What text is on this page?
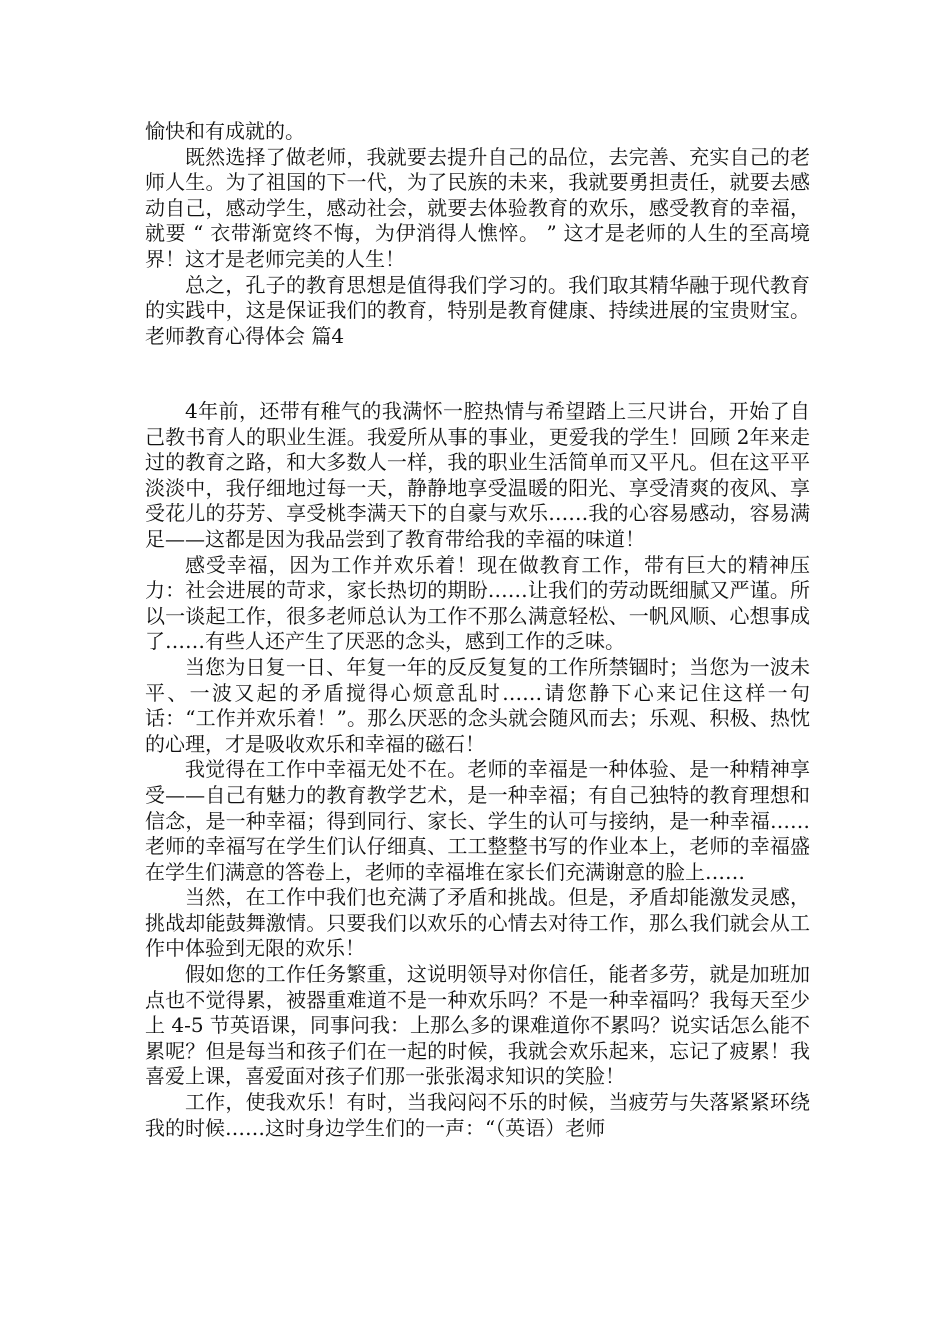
愉快和有成就的。

既然选择了做老师，我就要去提升自己的品位，去完善、充实自己的老师人生。为了祖国的下一代，为了民族的未来，我就要勇担责任，就要去感动自己，感动学生，感动社会，就要去体验教育的欢乐，感受教育的幸福，就要 “ 衣带渐宽终不悔，为伊消得人憔悴。 ” 这才是老师的人生的至高境界！这才是老师完美的人生！

总之，孔子的教育思想是值得我们学习的。我们取其精华融于现代教育的实践中，这是保证我们的教育，特别是教育健康、持续进展的宝贵财宝。老师教育心得体会 篇4

4年前，还带有稚气的我满怀一腔热情与希望踏上三尺讲台，开始了自己教书育人的职业生涯。我爱所从事的事业，更爱我的学生！回顾 2年来走过的教育之路，和大多数人一样，我的职业生活简单而又平凡。但在这平平淡淡中，我仔细地过每一天，静静地享受温暖的阳光、享受清爽的夜风、享受花儿的芬芳、享受桃李满天下的自豪与欢乐……我的心容易感动，容易满足——这都是因为我品尝到了教育带给我的幸福的味道！

感受幸福，因为工作并欢乐着！现在做教育工作，带有巨大的精神压力：社会进展的苛求，家长热切的期盼……让我们的劳动既细腻又严谨。所以一谈起工作，很多老师总认为工作不那么满意轻松、一帆风顺、心想事成了……有些人还产生了厌恶的念头，感到工作的乏味。

当您为日复一日、年复一年的反反复复的工作所禁锢时；当您为一波未平、一波又起的矛盾搅得心烦意乱时……请您静下心来记住这样一句话：“工作并欢乐着！”。那么厌恶的念头就会随风而去；乐观、积极、热忱的心理，才是吸收欢乐和幸福的磁石！

我觉得在工作中幸福无处不在。老师的幸福是一种体验、是一种精神享受——自己有魅力的教育教学艺术，是一种幸福；有自己独特的教育理想和信念，是一种幸福；得到同行、家长、学生的认可与接纳，是一种幸福……老师的幸福写在学生们认仔细真、工工整整书写的作业本上，老师的幸福盛在学生们满意的答卷上，老师的幸福堆在家长们充满谢意的脸上……

当然，在工作中我们也充满了矛盾和挑战。但是，矛盾却能激发灵感，挑战却能鼓舞激情。只要我们以欢乐的心情去对待工作，那么我们就会从工作中体验到无限的欢乐！

假如您的工作任务繁重，这说明领导对你信任，能者多劳，就是加班加点也不觉得累，被器重难道不是一种欢乐吗？不是一种幸福吗？我每天至少上 4-5 节英语课，同事问我：上那么多的课难道你不累吗？说实话怎么能不累呢？但是每当和孩子们在一起的时候，我就会欢乐起来，忘记了疲累！我喜爱上课，喜爱面对孩子们那一张张渴求知识的笑脸！

工作，使我欢乐！有时，当我闷闷不乐的时候，当疲劳与失落紧紧环绕我的时候……这时身边学生们的一声：“（英语）老师
